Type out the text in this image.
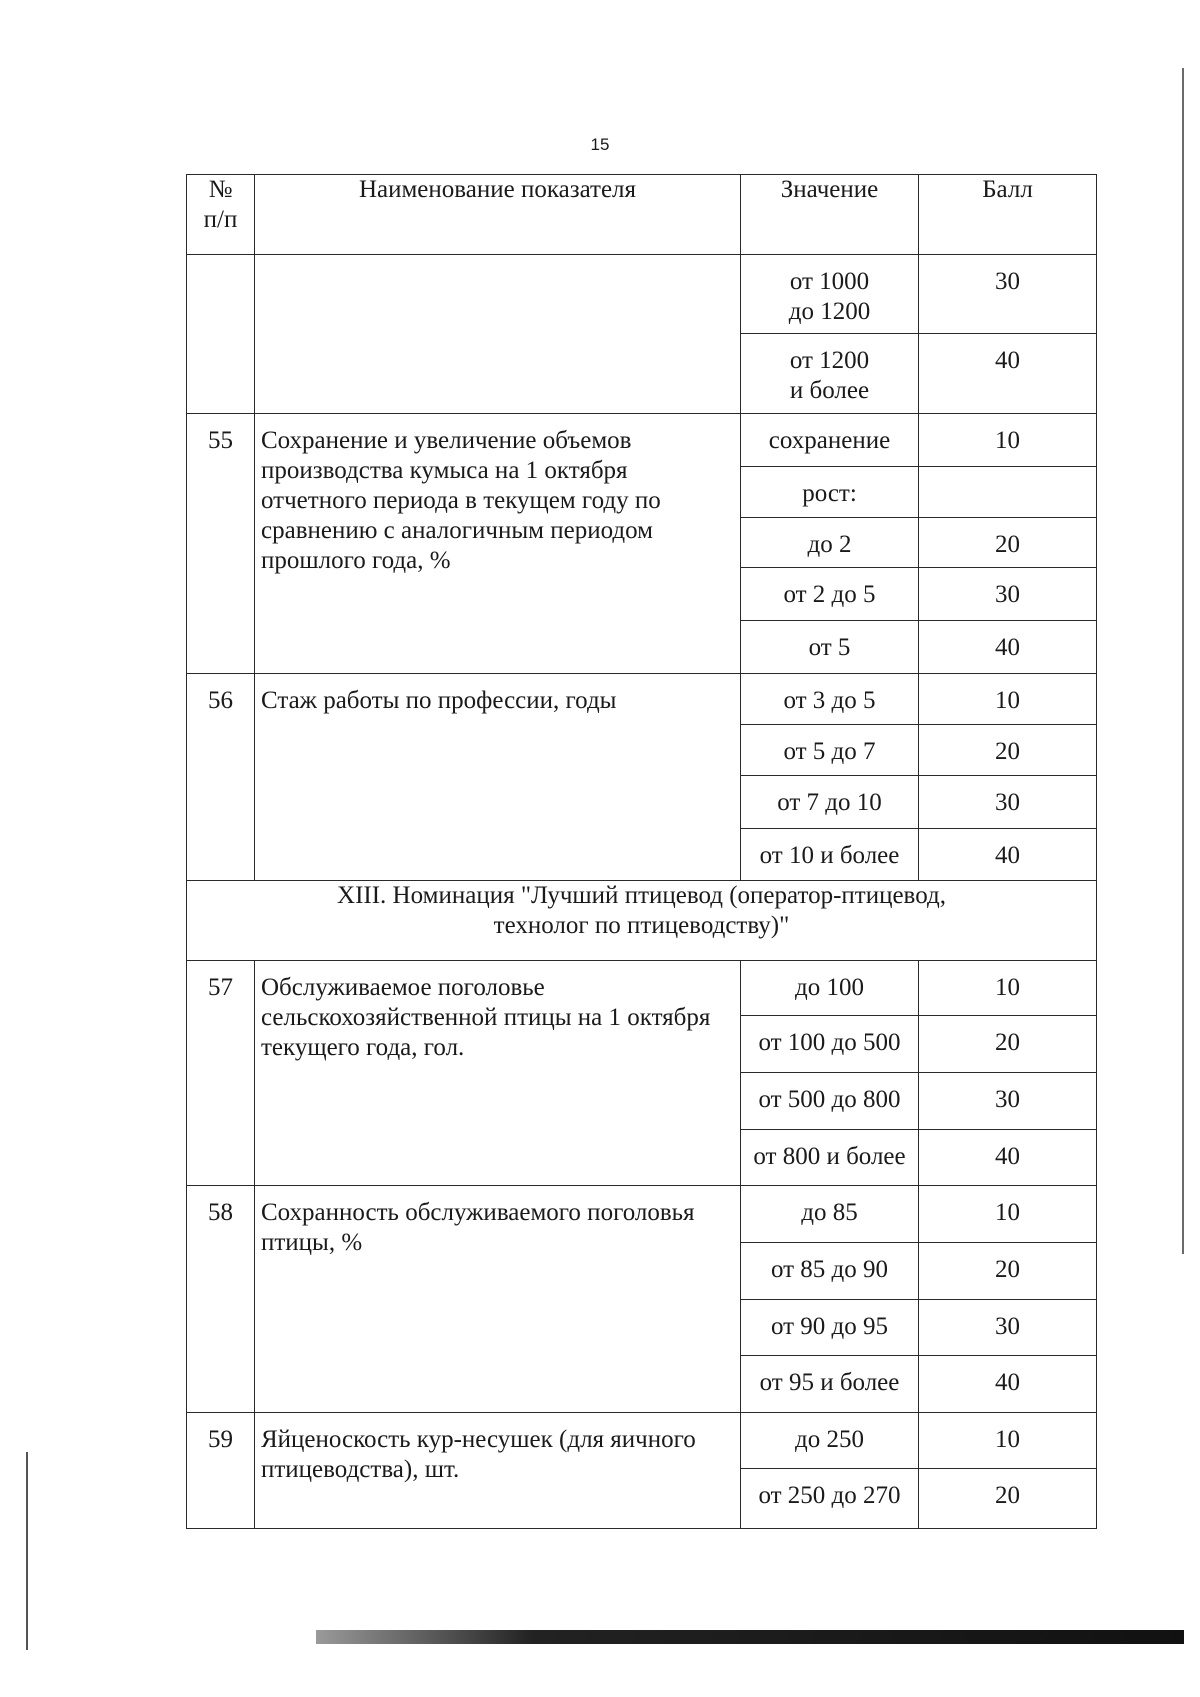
15
№
п/п	Наименование показателя	Значение	Балл

		от 1000
до 1200	30

		от 1200
и более	40
55	Сохранение и увеличение объемов производства кумыса на 1 октября отчетного периода в текущем году по сравнению с аналогичным периодом прошлого года, %	сохранение	10
		рост:	
		до 2	20
		от 2 до 5	30
		от 5	40
56	Стаж работы по профессии, годы	от 3 до 5	10
		от 5 до 7	20
		от 7 до 10	30
		от 10 и более	40

XIII. Номинация "Лучший птицевод (оператор-птицевод,
технолог по птицеводству)"			

57	Обслуживаемое поголовье сельскохозяйственной птицы на 1 октября текущего года, гол.	до 100	10
		от 100 до 500	20
		от 500 до 800	30
		от 800 и более	40
58	Сохранность обслуживаемого поголовья птицы, %	до 85	10
		от 85 до 90	20
		от 90 до 95	30
		от 95 и более	40
59	Яйценоскость кур-несушек (для яичного птицеводства), шт.	до 250	10
		от 250 до 270	20
